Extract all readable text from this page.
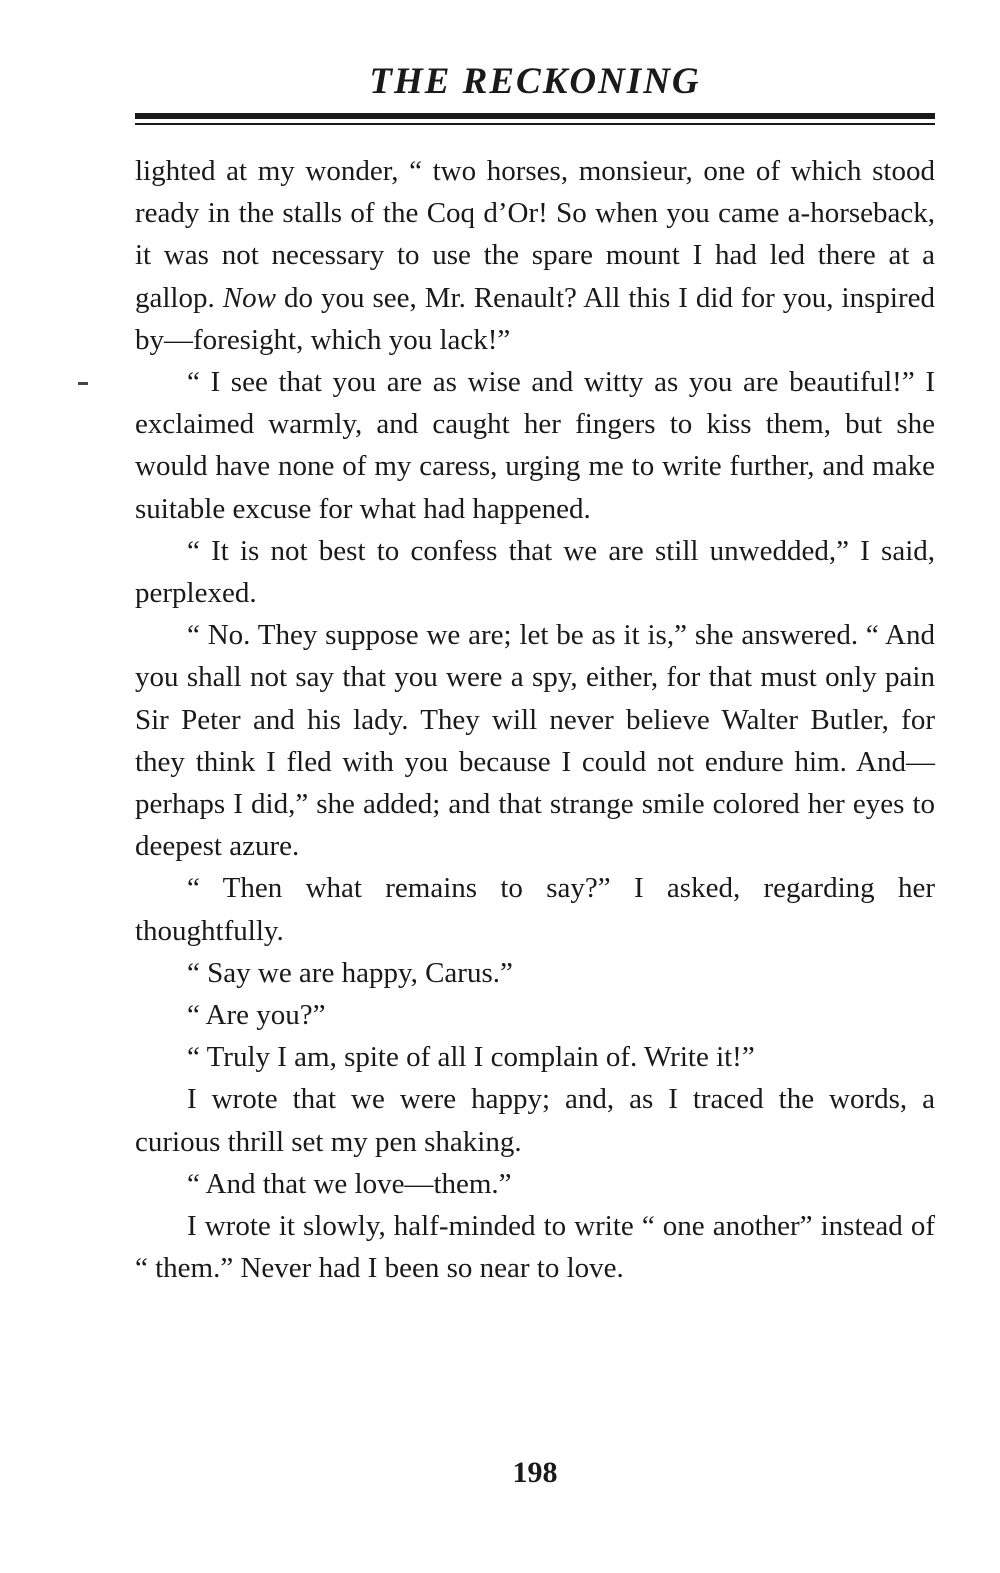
THE RECKONING

lighted at my wonder, “ two horses, monsieur, one of which stood ready in the stalls of the Coq d’Or! So when you came a-horseback, it was not necessary to use the spare mount I had led there at a gallop. Now do you see, Mr. Renault? All this I did for you, inspired by—foresight, which you lack!”

“ I see that you are as wise and witty as you are beautiful!” I exclaimed warmly, and caught her fingers to kiss them, but she would have none of my caress, urging me to write further, and make suitable excuse for what had happened.

“ It is not best to confess that we are still unwedded,” I said, perplexed.

“ No. They suppose we are; let be as it is,” she answered. “ And you shall not say that you were a spy, either, for that must only pain Sir Peter and his lady. They will never believe Walter Butler, for they think I fled with you because I could not endure him. And—perhaps I did,” she added; and that strange smile colored her eyes to deepest azure.

“ Then what remains to say?” I asked, regarding her thoughtfully.

“ Say we are happy, Carus.”

“ Are you?”

“ Truly I am, spite of all I complain of. Write it!”

I wrote that we were happy; and, as I traced the words, a curious thrill set my pen shaking.

“ And that we love—them.”

I wrote it slowly, half-minded to write “ one another” instead of “ them.” Never had I been so near to love.

198
